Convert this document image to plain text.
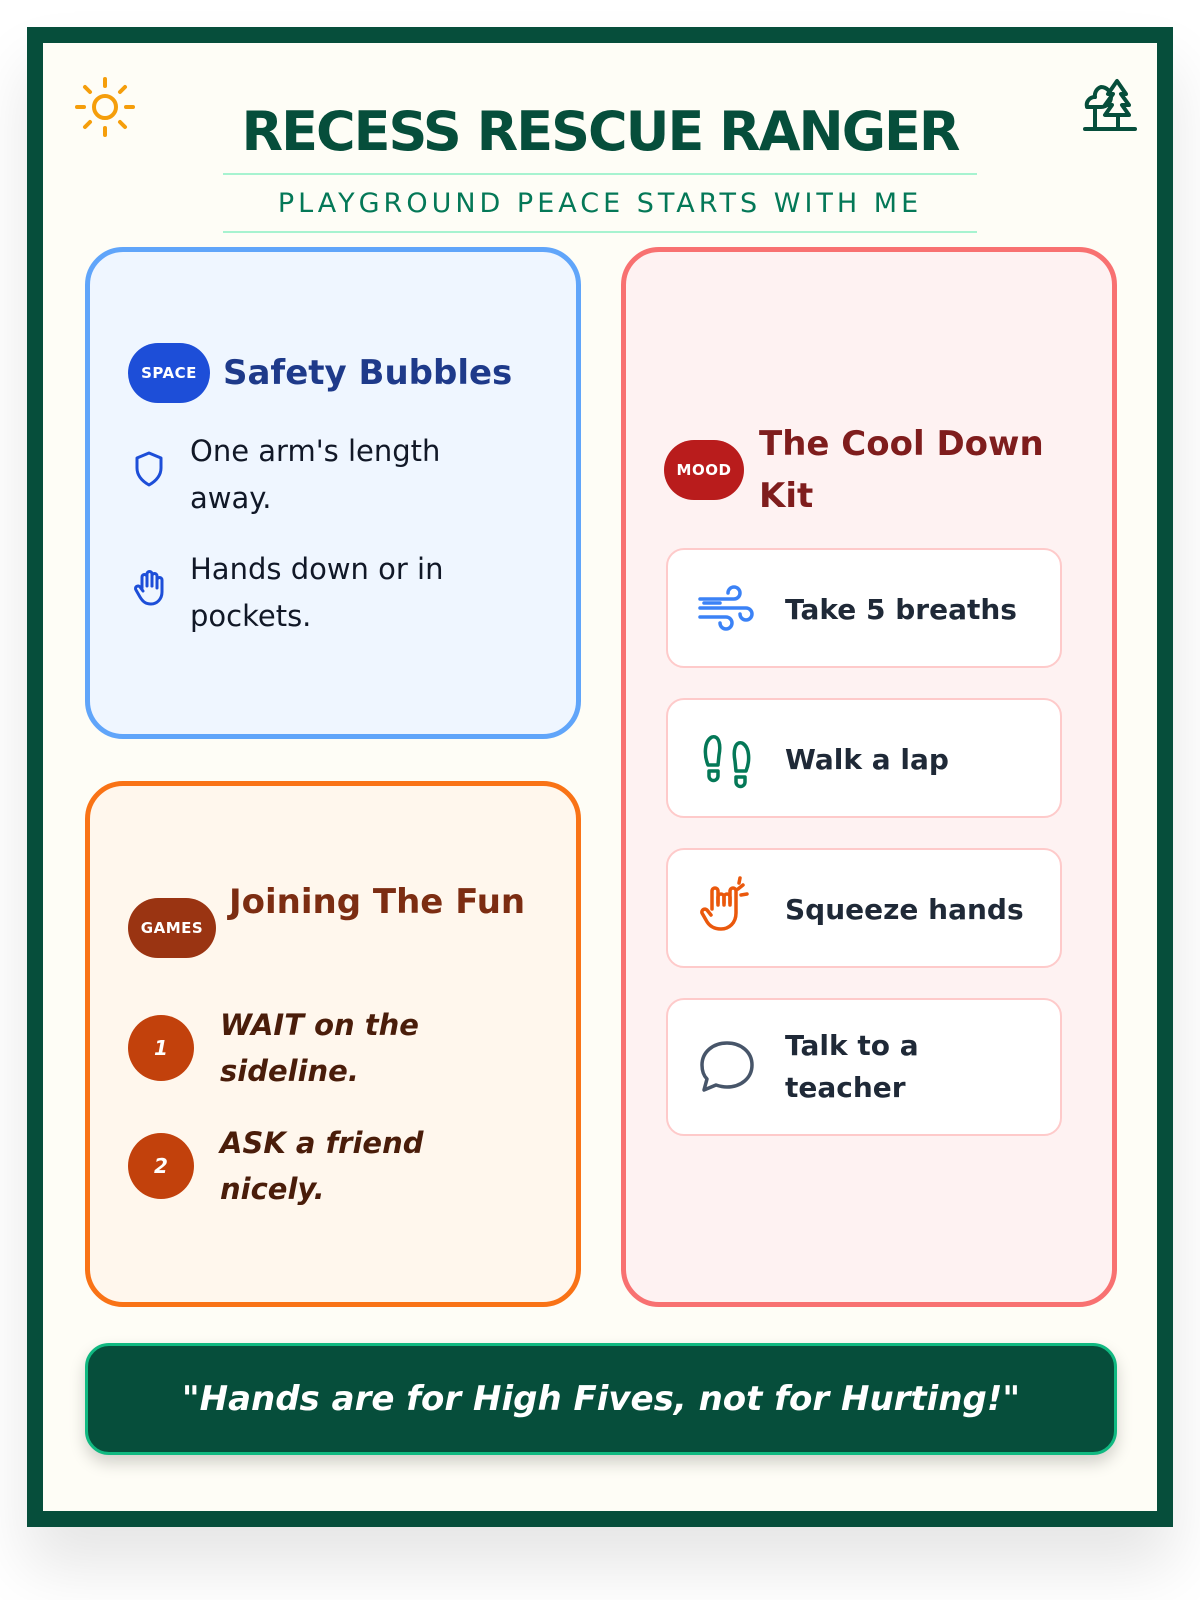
RECESS RESCUE RANGER
PLAYGROUND PEACE STARTS WITH ME
SPACE Safety Bubbles
One arm's length away.
Hands down or in pockets.
GAMES
Joining The Fun
1
WAIT on the sideline.
2
ASK a friend nicely.
MOOD
The Cool Down Kit
Take 5 breaths
Walk a lap
Squeeze hands
Talk to a teacher
"Hands are for High Fives, not for Hurting!"
